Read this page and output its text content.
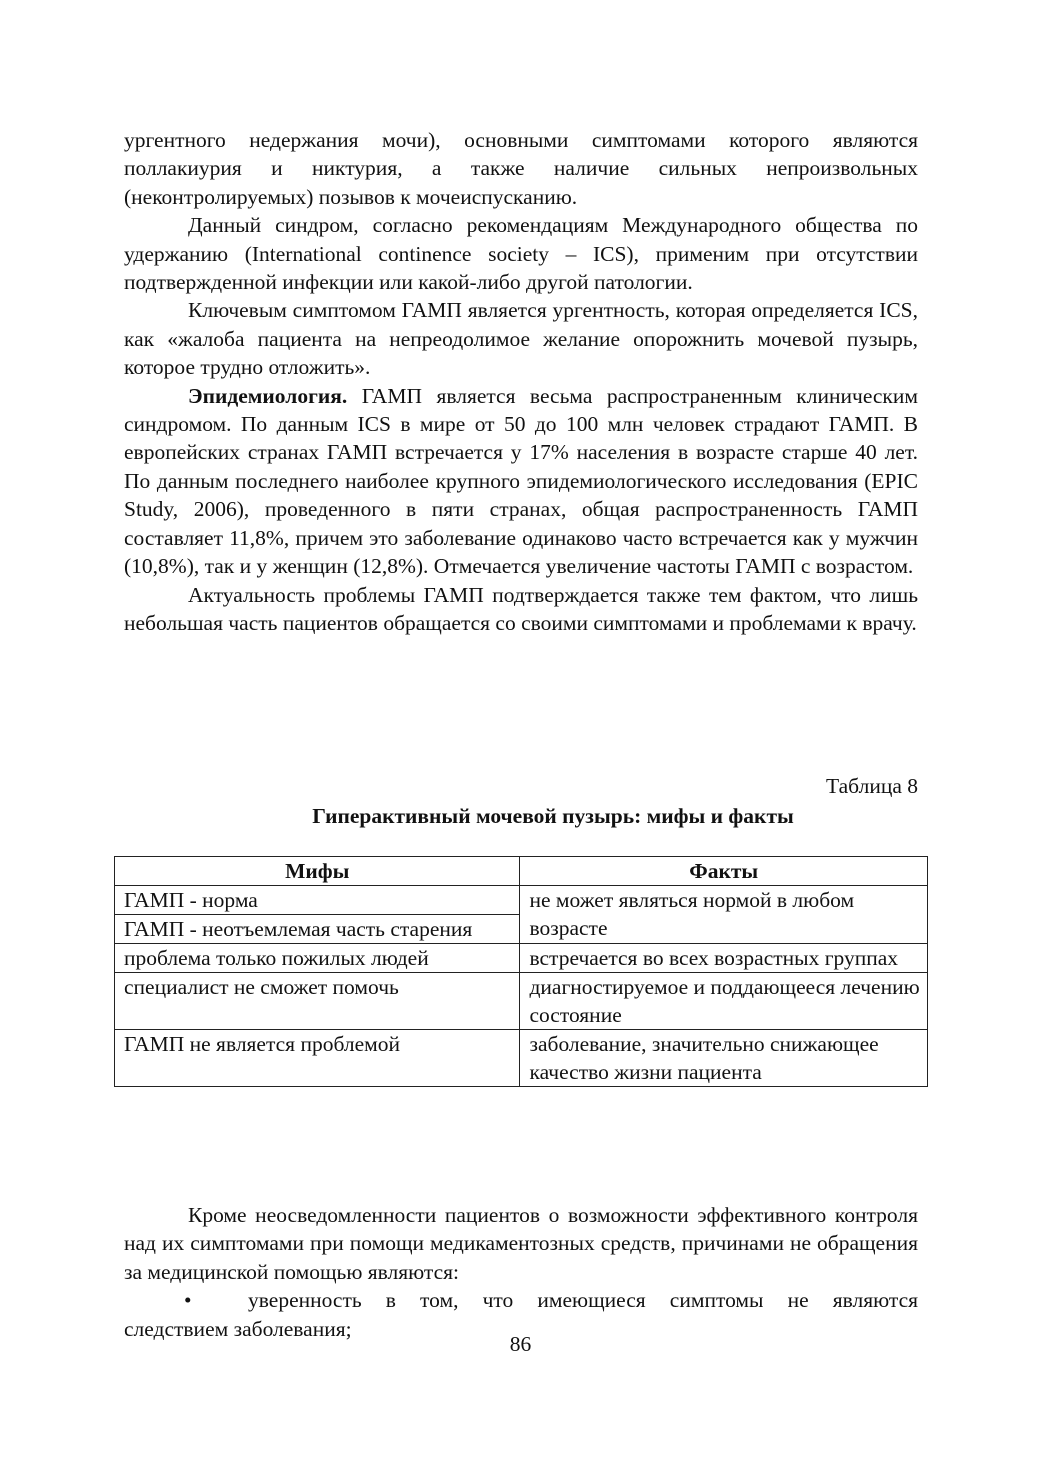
ургентного недержания мочи), основными симптомами которого являются поллакиурия и никтурия, а также наличие сильных непроизвольных (неконтролируемых) позывов к мочеиспусканию.

Данный синдром, согласно рекомендациям Международного общества по удержанию (International continence society – ICS), применим при отсутствии подтвержденной инфекции или какой-либо другой патологии.

Ключевым симптомом ГАМП является ургентность, которая определяется ICS, как «жалоба пациента на непреодолимое желание опорожнить мочевой пузырь, которое трудно отложить».

Эпидемиология. ГАМП является весьма распространенным клиническим синдромом. По данным ICS в мире от 50 до 100 млн человек страдают ГАМП. В европейских странах ГАМП встречается у 17% населения в возрасте старше 40 лет. По данным последнего наиболее крупного эпидемиологического исследования (EPIC Study, 2006), проведенного в пяти странах, общая распространенность ГАМП составляет 11,8%, причем это заболевание одинаково часто встречается как у мужчин (10,8%), так и у женщин (12,8%). Отмечается увеличение частоты ГАМП с возрастом.

Актуальность проблемы ГАМП подтверждается также тем фактом, что лишь небольшая часть пациентов обращается со своими симптомами и проблемами к врачу.

Таблица 8
Гиперактивный мочевой пузырь: мифы и факты
Мифы	Факты
ГАМП - норма	не может являться нормой в любом возрасте
ГАМП - неотъемлемая часть старения	
проблема только пожилых людей	встречается во всех возрастных группах
специалист не сможет помочь	диагностируемое и поддающееся лечению состояние
ГАМП не является проблемой	заболевание, значительно снижающее качество жизни пациента

Кроме неосведомленности пациентов о возможности эффективного контроля над их симптомами при помощи медикаментозных средств, причинами не обращения за медицинской помощью являются:

•	уверенность в том, что имеющиеся симптомы не являются

следствием заболевания;

86
